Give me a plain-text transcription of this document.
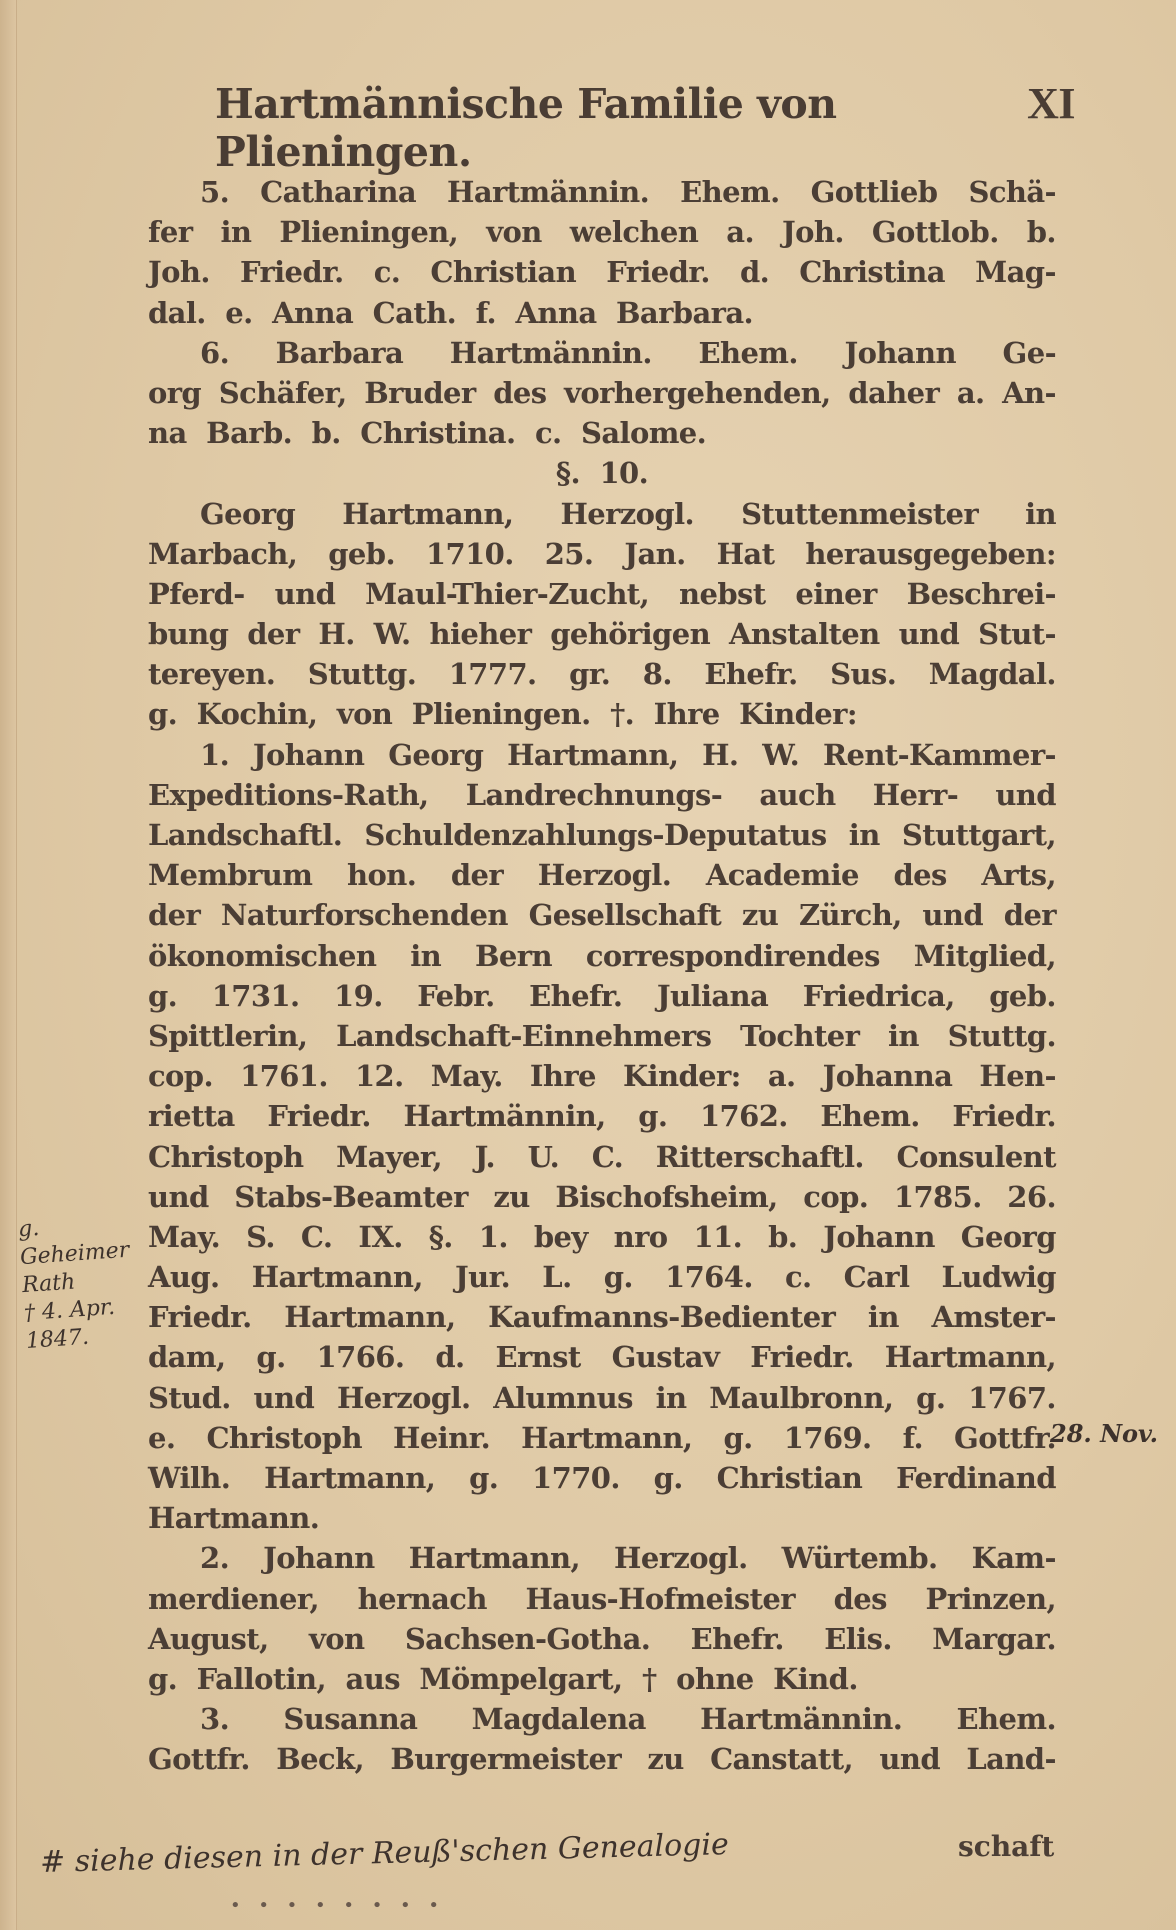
Hartmännische Familie von Plieningen.
XI
5. Catharina Hartmännin. Ehem. Gottlieb Schä-
fer in Plieningen, von welchen a. Joh. Gottlob. b.
Joh. Friedr. c. Christian Friedr. d. Christina Mag-
dal. e. Anna Cath. f. Anna Barbara.
6. Barbara Hartmännin. Ehem. Johann Ge-
org Schäfer, Bruder des vorhergehenden, daher a. An-
na Barb. b. Christina. c. Salome.
§. 10.
Georg Hartmann, Herzogl. Stuttenmeister in
Marbach, geb. 1710. 25. Jan. Hat herausgegeben:
Pferd- und Maul-Thier-Zucht, nebst einer Beschrei-
bung der H. W. hieher gehörigen Anstalten und Stut-
tereyen. Stuttg. 1777. gr. 8. Ehefr. Sus. Magdal.
g. Kochin, von Plieningen. †. Ihre Kinder:
1. Johann Georg Hartmann, H. W. Rent-Kammer-
Expeditions-Rath, Landrechnungs- auch Herr- und
Landschaftl. Schuldenzahlungs-Deputatus in Stuttgart,
Membrum hon. der Herzogl. Academie des Arts,
der Naturforschenden Gesellschaft zu Zürch, und der
ökonomischen in Bern correspondirendes Mitglied,
g. 1731. 19. Febr. Ehefr. Juliana Friedrica, geb.
Spittlerin, Landschaft-Einnehmers Tochter in Stuttg.
cop. 1761. 12. May. Ihre Kinder: a. Johanna Hen-
rietta Friedr. Hartmännin, g. 1762. Ehem. Friedr.
Christoph Mayer, J. U. C. Ritterschaftl. Consulent
und Stabs-Beamter zu Bischofsheim, cop. 1785. 26.
May. S. C. IX. §. 1. bey nro 11. b. Johann Georg
Aug. Hartmann, Jur. L. g. 1764. c. Carl Ludwig
Friedr. Hartmann, Kaufmanns-Bedienter in Amster-
dam, g. 1766. d. Ernst Gustav Friedr. Hartmann,
Stud. und Herzogl. Alumnus in Maulbronn, g. 1767.
e. Christoph Heinr. Hartmann, g. 1769. f. Gottfr.
Wilh. Hartmann, g. 1770. g. Christian Ferdinand
Hartmann.
2. Johann Hartmann, Herzogl. Würtemb. Kam-
merdiener, hernach Haus-Hofmeister des Prinzen,
August, von Sachsen-Gotha. Ehefr. Elis. Margar.
g. Fallotin, aus Mömpelgart, † ohne Kind.
3. Susanna Magdalena Hartmännin. Ehem.
Gottfr. Beck, Burgermeister zu Canstatt, und Land-
schaft
g.
Geheimer
Rath
† 4. Apr.
1847.
28. Nov.
# siehe diesen in der Reuß'schen Genealogie
• • • • • • • •
